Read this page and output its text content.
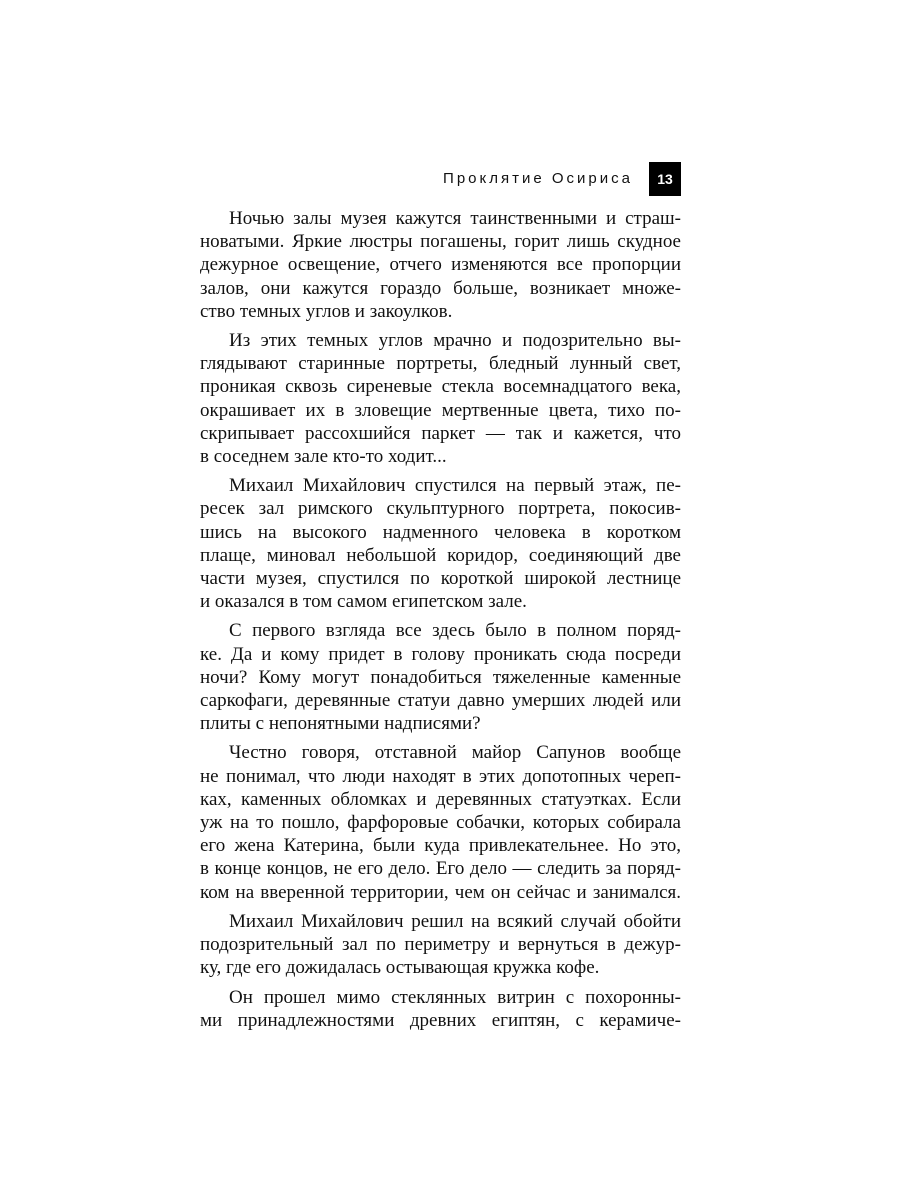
Проклятие Осириса 13

Ночью залы музея кажутся таинственными и страш-
новатыми. Яркие люстры погашены, горит лишь скудное
дежурное освещение, отчего изменяются все пропорции
залов, они кажутся гораздо больше, возникает множе-
ство темных углов и закоулков.

Из этих темных углов мрачно и подозрительно вы-
глядывают старинные портреты, бледный лунный свет,
проникая сквозь сиреневые стекла восемнадцатого века,
окрашивает их в зловещие мертвенные цвета, тихо по-
скрипывает рассохшийся паркет — так и кажется, что
в соседнем зале кто-то ходит...

Михаил Михайлович спустился на первый этаж, пе-
ресек зал римского скульптурного портрета, покосив-
шись на высокого надменного человека в коротком
плаще, миновал небольшой коридор, соединяющий две
части музея, спустился по короткой широкой лестнице
и оказался в том самом египетском зале.

С первого взгляда все здесь было в полном поряд-
ке. Да и кому придет в голову проникать сюда посреди
ночи? Кому могут понадобиться тяжеленные каменные
саркофаги, деревянные статуи давно умерших людей или
плиты с непонятными надписями?

Честно говоря, отставной майор Сапунов вообще
не понимал, что люди находят в этих допотопных череп-
ках, каменных обломках и деревянных статуэтках. Если
уж на то пошло, фарфоровые собачки, которых собирала
его жена Катерина, были куда привлекательнее. Но это,
в конце концов, не его дело. Его дело — следить за поряд-
ком на вверенной территории, чем он сейчас и занимался.

Михаил Михайлович решил на всякий случай обойти
подозрительный зал по периметру и вернуться в дежур-
ку, где его дожидалась остывающая кружка кофе.

Он прошел мимо стеклянных витрин с похоронны-
ми принадлежностями древних египтян, с керамиче-
